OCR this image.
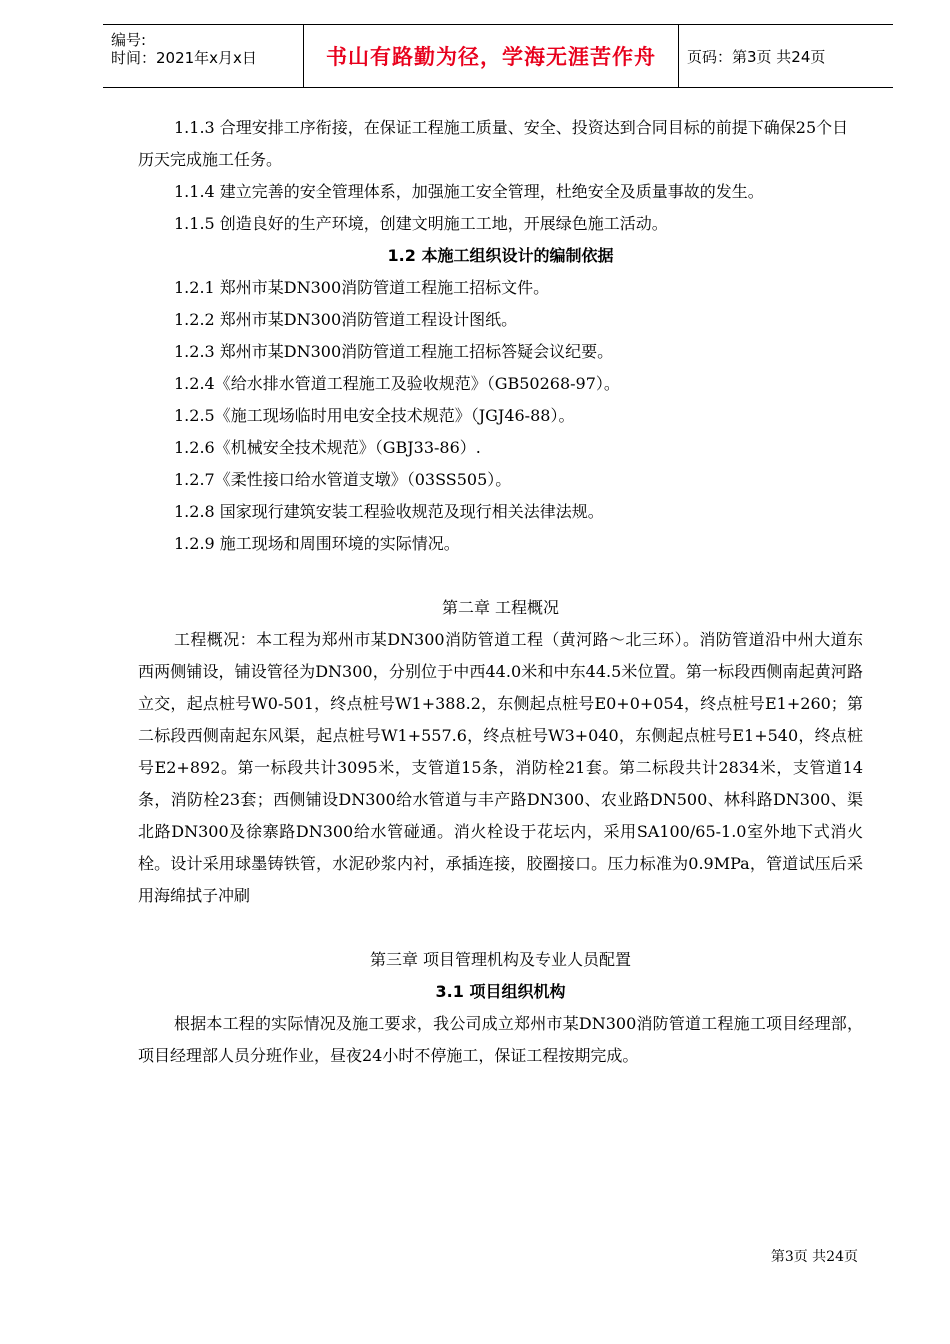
编号:
时间：2021年x月x日	书山有路勤为径，学海无涯苦作舟	页码：第3页 共24页

1.1.3 合理安排工序衔接，在保证工程施工质量、安全、投资达到合同目标的前提下确保25个日历天完成施工任务。

1.1.4 建立完善的安全管理体系，加强施工安全管理，杜绝安全及质量事故的发生。

1.1.5 创造良好的生产环境，创建文明施工工地，开展绿色施工活动。

1.2 本施工组织设计的编制依据

1.2.1 郑州市某DN300消防管道工程施工招标文件。

1.2.2 郑州市某DN300消防管道工程设计图纸。

1.2.3 郑州市某DN300消防管道工程施工招标答疑会议纪要。

1.2.4《给水排水管道工程施工及验收规范》（GB50268-97）。

1.2.5《施工现场临时用电安全技术规范》（JGJ46-88）。

1.2.6《机械安全技术规范》（GBJ33-86）.

1.2.7《柔性接口给水管道支墩》（03SS505）。

1.2.8 国家现行建筑安装工程验收规范及现行相关法律法规。

1.2.9 施工现场和周围环境的实际情况。

第二章 工程概况

工程概况：本工程为郑州市某DN300消防管道工程（黄河路～北三环）。消防管道沿中州大道东西两侧铺设，铺设管径为DN300，分别位于中西44.0米和中东44.5米位置。第一标段西侧南起黄河路立交，起点桩号W0-501，终点桩号W1+388.2，东侧起点桩号E0+0+054，终点桩号E1+260；第二标段西侧南起东风渠，起点桩号W1+557.6，终点桩号W3+040，东侧起点桩号E1+540，终点桩号E2+892。第一标段共计3095米，支管道15条，消防栓21套。第二标段共计2834米，支管道14条，消防栓23套；西侧铺设DN300给水管道与丰产路DN300、农业路DN500、林科路DN300、渠北路DN300及徐寨路DN300给水管碰通。消火栓设于花坛内，采用SA100/65-1.0室外地下式消火栓。设计采用球墨铸铁管，水泥砂浆内衬，承插连接，胶圈接口。压力标准为0.9MPa，管道试压后采用海绵拭子冲刷

第三章 项目管理机构及专业人员配置

3.1 项目组织机构

根据本工程的实际情况及施工要求，我公司成立郑州市某DN300消防管道工程施工项目经理部，项目经理部人员分班作业，昼夜24小时不停施工，保证工程按期完成。

第3页 共24页
